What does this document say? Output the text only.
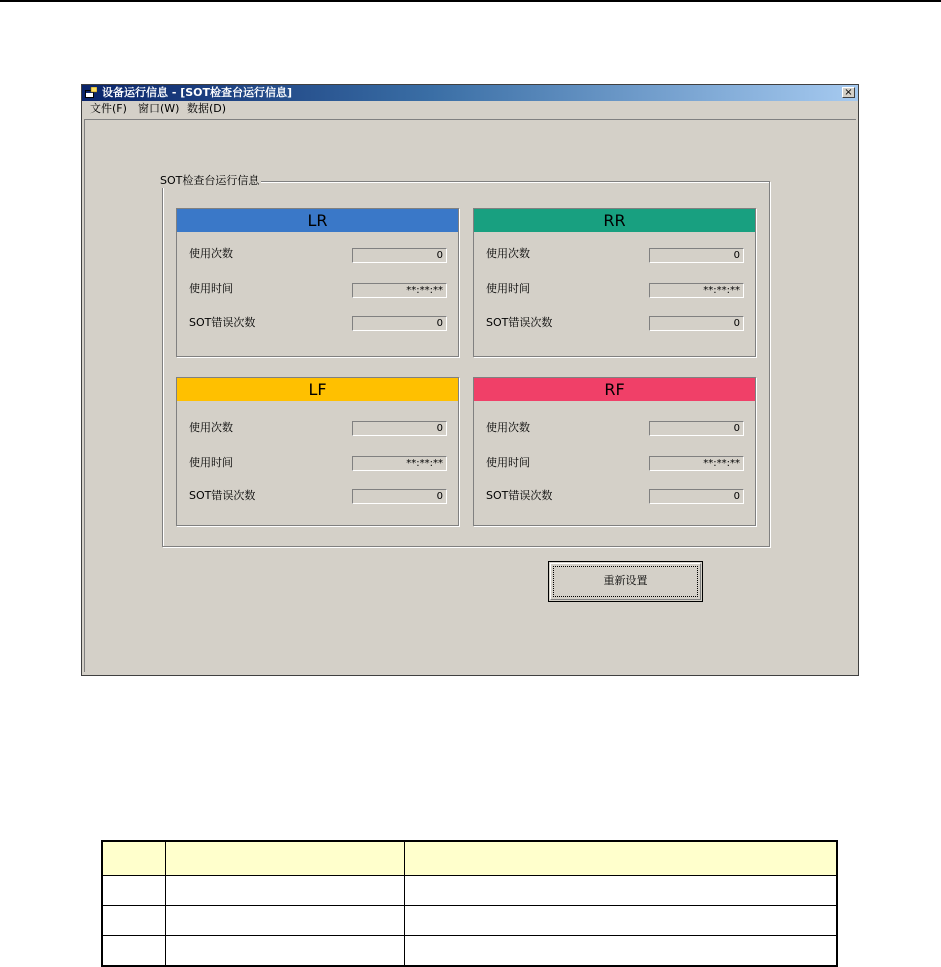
设备运行信息 - [SOT检查台运行信息]	×
文件(F) 窗口(W) 数据(D)
SOT检查台运行信息
LR
使用次数	0
使用时间	**:**:**
SOT错误次数	0
RR
使用次数	0
使用时间	**:**:**
SOT错误次数	0
LF
使用次数	0
使用时间	**:**:**
SOT错误次数	0
RF
使用次数	0
使用时间	**:**:**
SOT错误次数	0
重新设置
